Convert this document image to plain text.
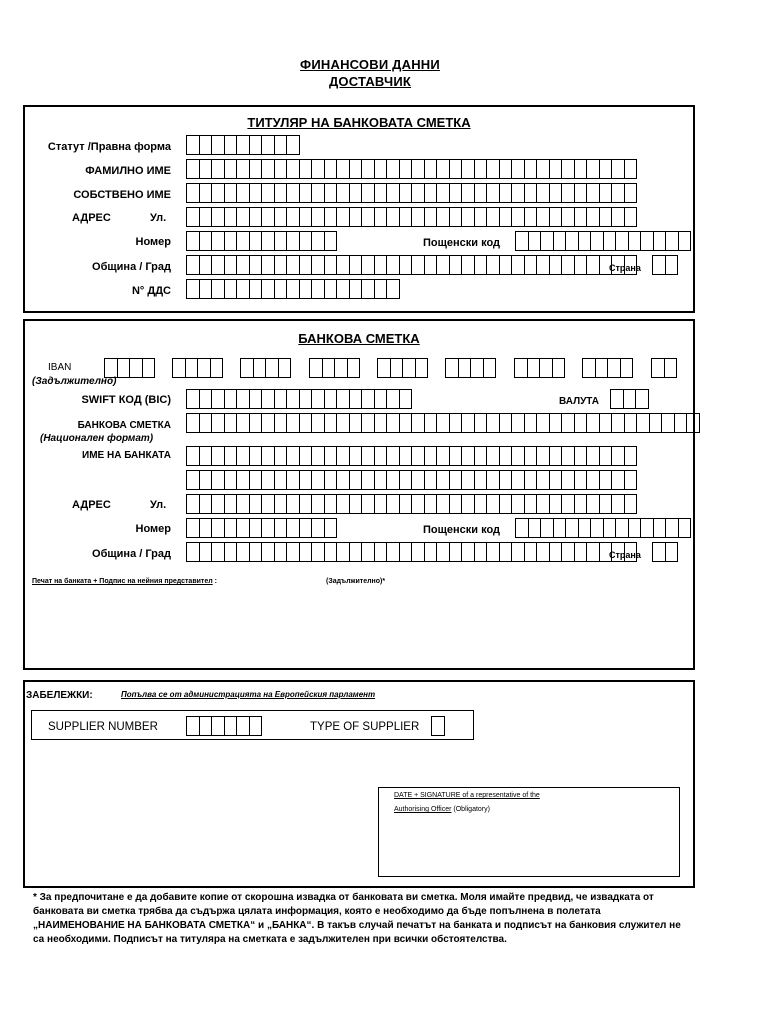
ФИНАНСОВИ ДАННИ
ДОСТАВЧИК
ТИТУЛЯР НА БАНКОВАТА СМЕТКА
Статут /Правна форма
ФАМИЛНО ИМЕ
СОБСТВЕНО ИМЕ
АДРЕС	Ул.
Номер	Пощенски код
Община / Град	Страна
N° ДДС
БАНКОВА СМЕТКА
IBAN
(Задължително)
SWIFT КОД (BIC)	ВАЛУТА
БАНКОВА СМЕТКА
(Национален формат)
ИМЕ НА БАНКАТА
АДРЕС	Ул.
Номер	Пощенски код
Община / Град	Страна
Печат на банката + Подпис на нейния представител :	(Задължително)*
ЗАБЕЛЕЖКИ:	Попълва се от администрацията на Европейския парламент
SUPPLIER NUMBER	TYPE OF SUPPLIER
DATE + SIGNATURE of a representative of the
Authorising Officer (Obligatory)
* За предпочитане е да добавите копие от скорошна извадка от банковата ви сметка. Моля имайте предвид, че извадката от банковата ви сметка трябва да съдържа цялата информация, която е необходимо да бъде попълнена в полетата „НАИМЕНОВАНИЕ НА БАНКОВАТА СМЕТКА“ и „БАНКА“. В такъв случай печатът на банката и подписът на банковия служител не са необходими. Подписът на титуляра на сметката е задължителен при всички обстоятелства.
